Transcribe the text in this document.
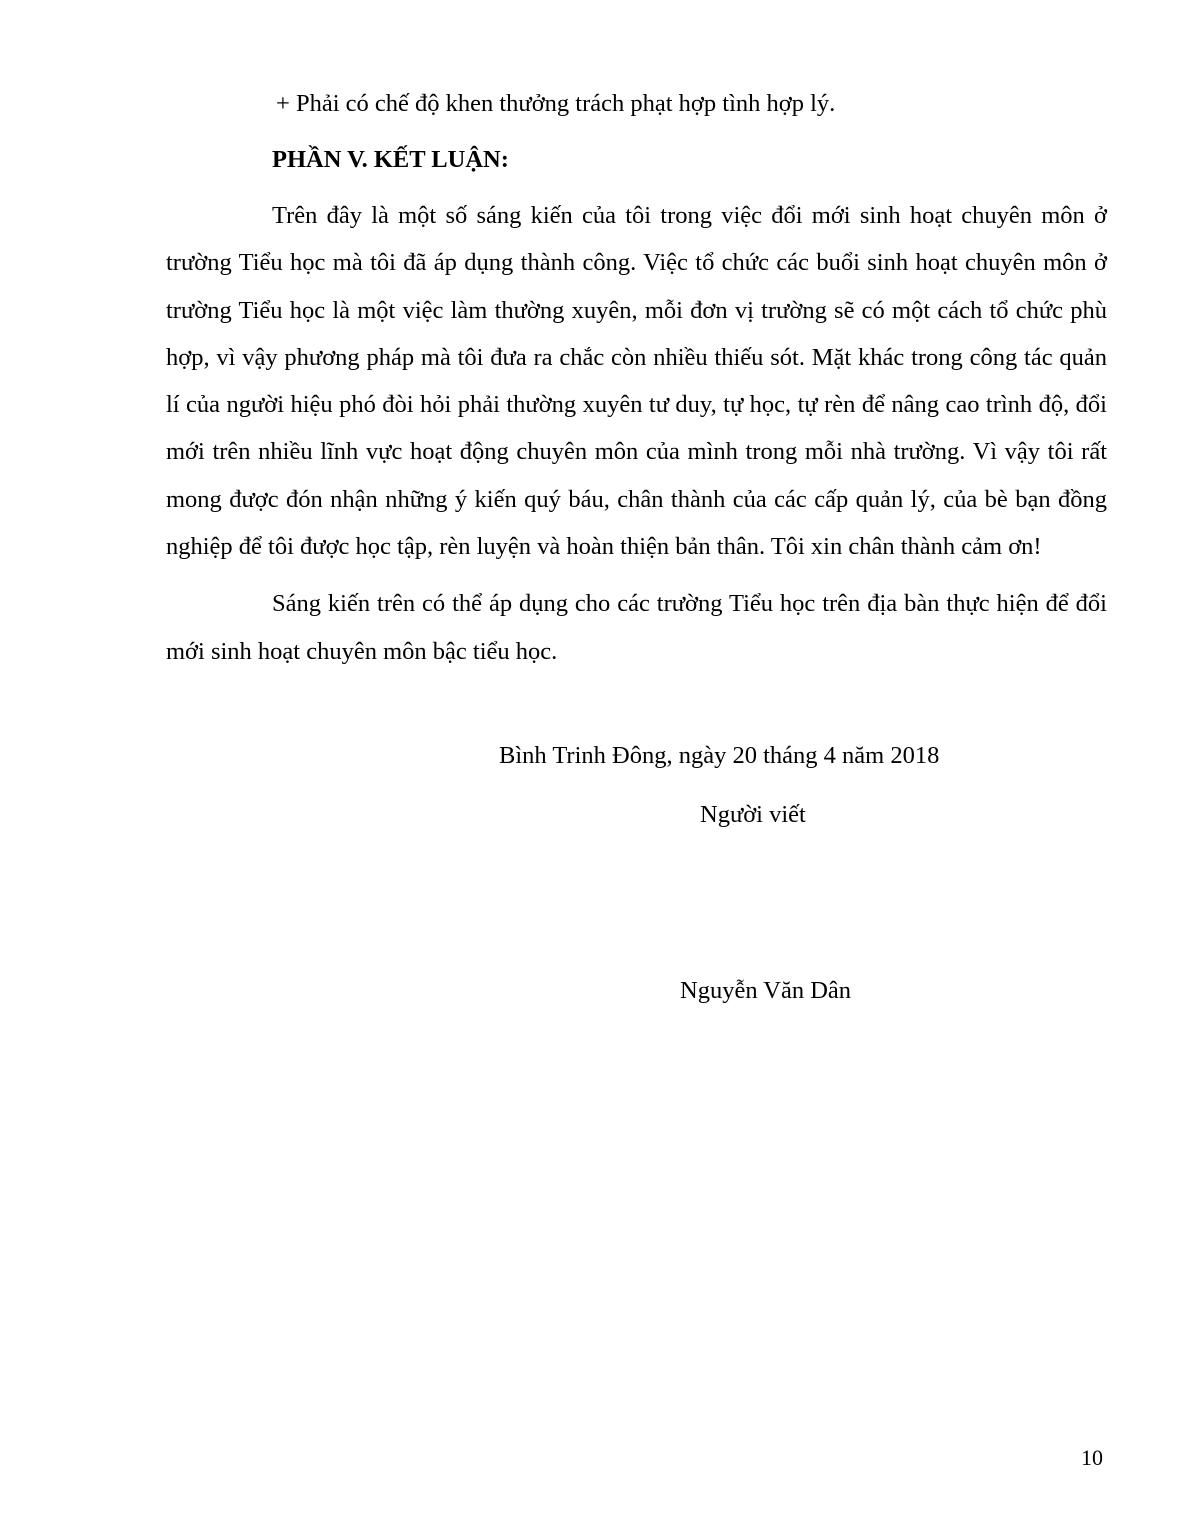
+ Phải có chế độ khen thưởng trách phạt hợp tình hợp lý.

PHẦN V. KẾT LUẬN:

Trên đây là một số sáng kiến của tôi trong việc đổi mới sinh hoạt chuyên môn ở trường Tiểu học mà tôi đã áp dụng thành công. Việc tổ chức các buổi sinh hoạt chuyên môn ở trường Tiểu học là một việc làm thường xuyên, mỗi đơn vị trường sẽ có một cách tổ chức phù hợp, vì vậy phương pháp mà tôi đưa ra chắc còn nhiều thiếu sót. Mặt khác trong công tác quản lí của người hiệu phó đòi hỏi phải thường xuyên tư duy, tự học, tự rèn để nâng cao trình độ, đổi mới trên nhiều lĩnh vực hoạt động chuyên môn của mình trong mỗi nhà trường. Vì vậy tôi rất mong được đón nhận những ý kiến quý báu, chân thành của các cấp quản lý, của bè bạn đồng nghiệp để tôi được học tập, rèn luyện và hoàn thiện bản thân. Tôi xin chân thành cảm ơn!

Sáng kiến trên có thể áp dụng cho các trường Tiểu học trên địa bàn thực hiện để đổi mới sinh hoạt chuyên môn bậc tiểu học.

Bình Trinh Đông, ngày 20 tháng 4 năm 2018
Người viết
Nguyễn Văn Dân
10
